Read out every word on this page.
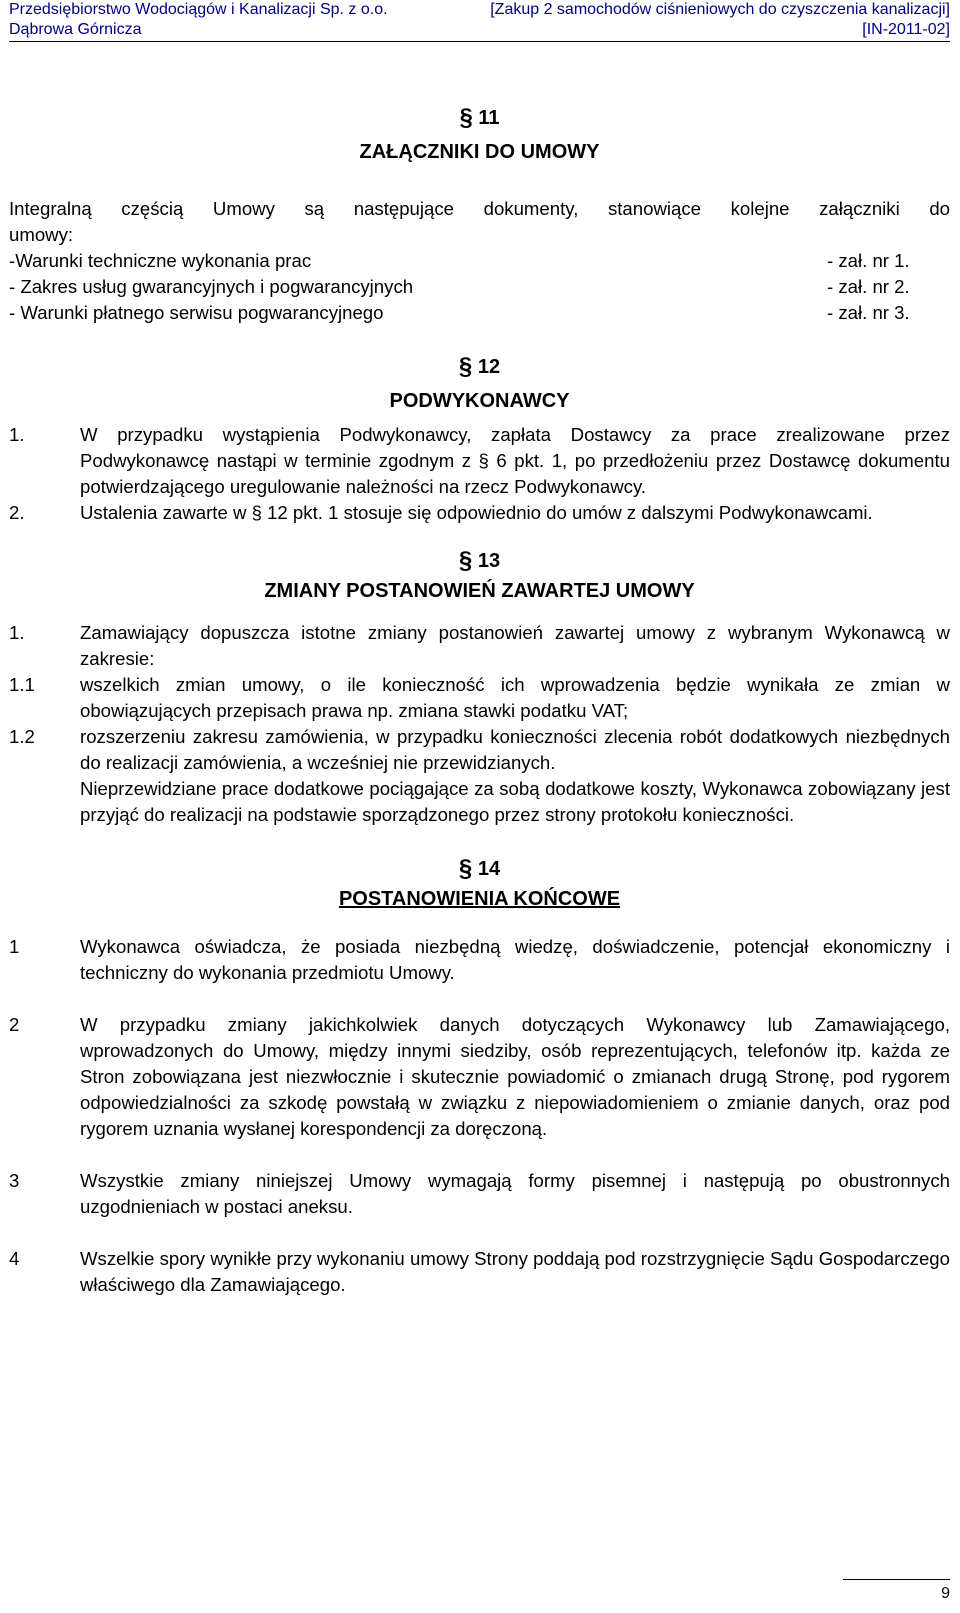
Przedsiębiorstwo Wodociągów i Kanalizacji Sp. z o.o.	[Zakup 2 samochodów ciśnieniowych do czyszczenia kanalizacji]
Dąbrowa Górnicza	[IN-2011-02]
§ 11
ZAŁĄCZNIKI DO UMOWY
Integralną częścią Umowy są następujące dokumenty, stanowiące kolejne załączniki do
umowy:
-Warunki techniczne wykonania prac	- zał. nr 1.
- Zakres usług gwarancyjnych i pogwarancyjnych	- zał. nr 2.
- Warunki płatnego serwisu pogwarancyjnego	- zał. nr 3.
§ 12
PODWYKONAWCY
1.	W przypadku wystąpienia Podwykonawcy, zapłata Dostawcy za prace zrealizowane przez Podwykonawcę nastąpi w terminie zgodnym z § 6 pkt. 1, po przedłożeniu przez Dostawcę dokumentu potwierdzającego uregulowanie należności na rzecz Podwykonawcy.
2.	Ustalenia zawarte w § 12 pkt. 1 stosuje się odpowiednio do umów z dalszymi Podwykonawcami.
§ 13
ZMIANY POSTANOWIEŃ ZAWARTEJ UMOWY
1.	Zamawiający dopuszcza istotne zmiany postanowień zawartej umowy z wybranym Wykonawcą w zakresie:
1.1	wszelkich zmian umowy, o ile konieczność ich wprowadzenia będzie wynikała ze zmian w obowiązujących przepisach prawa np. zmiana stawki podatku VAT;
1.2	rozszerzeniu zakresu zamówienia, w przypadku konieczności zlecenia robót dodatkowych niezbędnych do realizacji zamówienia, a wcześniej nie przewidzianych.
Nieprzewidziane prace dodatkowe pociągające za sobą dodatkowe koszty, Wykonawca zobowiązany jest przyjąć do realizacji na podstawie sporządzonego przez strony protokołu konieczności.
§ 14
POSTANOWIENIA KOŃCOWE
1	Wykonawca oświadcza, że posiada niezbędną wiedzę, doświadczenie, potencjał ekonomiczny i techniczny do wykonania przedmiotu Umowy.
2	W przypadku zmiany jakichkolwiek danych dotyczących Wykonawcy lub Zamawiającego, wprowadzonych do Umowy, między innymi siedziby, osób reprezentujących, telefonów itp. każda ze Stron zobowiązana jest niezwłocznie i skutecznie powiadomić o zmianach drugą Stronę, pod rygorem odpowiedzialności za szkodę powstałą w związku z niepowiadomieniem o zmianie danych, oraz pod rygorem uznania wysłanej korespondencji za doręczoną.
3	Wszystkie zmiany niniejszej Umowy wymagają formy pisemnej i następują po obustronnych uzgodnieniach w postaci aneksu.
4	Wszelkie spory wynikłe przy wykonaniu umowy Strony poddają pod rozstrzygnięcie Sądu Gospodarczego właściwego dla Zamawiającego.
9
